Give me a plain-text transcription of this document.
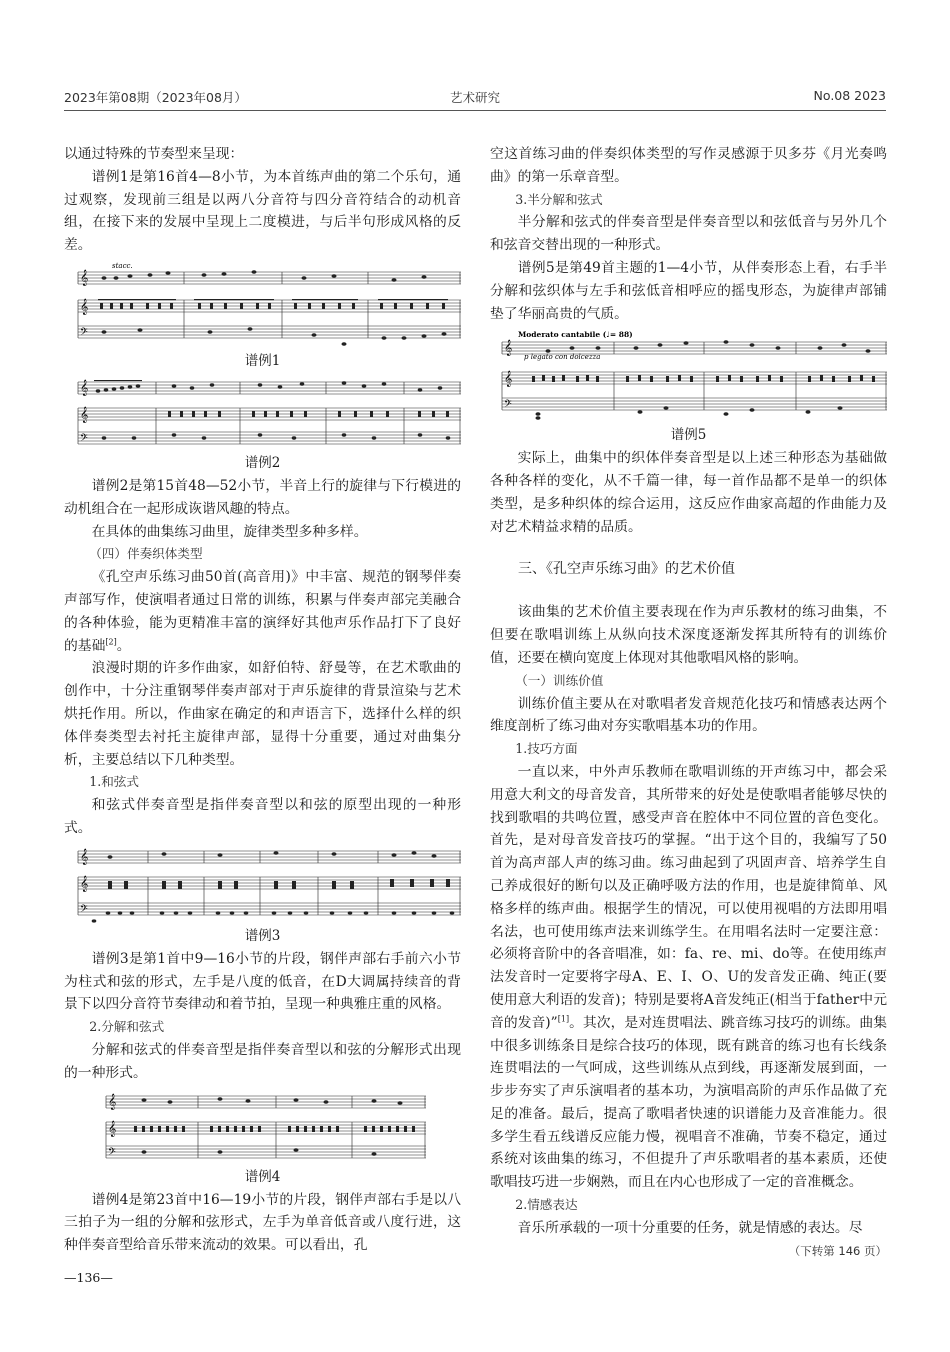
2023年第08期（2023年08月）	艺术研究	No.08 2023

以通过特殊的节奏型来呈现：

谱例1是第16首4—8小节，为本首练声曲的第二个乐句，通过观察，发现前三组是以两八分音符与四分音符结合的动机音组，在接下来的发展中呈现上二度模进，与后半句形成风格的反差。

stacc.
𝄞
𝄞
𝄢
谱例1
𝄞
𝄞
𝄢
谱例2

谱例2是第15首48—52小节，半音上行的旋律与下行模进的动机组合在一起形成诙谐风趣的特点。

在具体的曲集练习曲里，旋律类型多种多样。

（四）伴奏织体类型

《孔空声乐练习曲50首(高音用)》中丰富、规范的钢琴伴奏声部写作，使演唱者通过日常的训练，积累与伴奏声部完美融合的各种体验，能为更精准丰富的演绎好其他声乐作品打下了良好的基础[2]。

浪漫时期的许多作曲家，如舒伯特、舒曼等，在艺术歌曲的创作中，十分注重钢琴伴奏声部对于声乐旋律的背景渲染与艺术烘托作用。所以，作曲家在确定的和声语言下，选择什么样的织体伴奏类型去衬托主旋律声部，显得十分重要，通过对曲集分析，主要总结以下几种类型。

1.和弦式

和弦式伴奏音型是指伴奏音型以和弦的原型出现的一种形式。

𝄞
𝄞
𝄢
谱例3

谱例3是第1首中9—16小节的片段，钢伴声部右手前六小节为柱式和弦的形式，左手是八度的低音，在D大调属持续音的背景下以四分音符节奏律动和着节拍，呈现一种典雅庄重的风格。

2.分解和弦式

分解和弦式的伴奏音型是指伴奏音型以和弦的分解形式出现的一种形式。

𝄞
𝄞
𝄢
谱例4

谱例4是第23首中16—19小节的片段，钢伴声部右手是以八三拍子为一组的分解和弦形式，左手为单音低音或八度行进，这种伴奏音型给音乐带来流动的效果。可以看出，孔

空这首练习曲的伴奏织体类型的写作灵感源于贝多芬《月光奏鸣曲》的第一乐章音型。

3.半分解和弦式

半分解和弦式的伴奏音型是伴奏音型以和弦低音与另外几个和弦音交替出现的一种形式。

谱例5是第49首主题的1—4小节，从伴奏形态上看，右手半分解和弦织体与左手和弦低音相呼应的摇曳形态，为旋律声部铺垫了华丽高贵的气质。

Moderato cantabile (♩= 88)
p legato con dolcezza
𝄞
𝄞
𝄢
谱例5

实际上，曲集中的织体伴奏音型是以上述三种形态为基础做各种各样的变化，从不千篇一律，每一首作品都不是单一的织体类型，是多种织体的综合运用，这反应作曲家高超的作曲能力及对艺术精益求精的品质。

三、《孔空声乐练习曲》的艺术价值

该曲集的艺术价值主要表现在作为声乐教材的练习曲集，不但要在歌唱训练上从纵向技术深度逐渐发挥其所特有的训练价值，还要在横向宽度上体现对其他歌唱风格的影响。

（一）训练价值

训练价值主要从在对歌唱者发音规范化技巧和情感表达两个维度剖析了练习曲对夯实歌唱基本功的作用。

1.技巧方面

一直以来，中外声乐教师在歌唱训练的开声练习中，都会采用意大利文的母音发音，其所带来的好处是使歌唱者能够尽快的找到歌唱的共鸣位置，感受声音在腔体中不同位置的音色变化。首先，是对母音发音技巧的掌握。“出于这个目的，我编写了50首为高声部人声的练习曲。练习曲起到了巩固声音、培养学生自己养成很好的断句以及正确呼吸方法的作用，也是旋律简单、风格多样的练声曲。根据学生的情况，可以使用视唱的方法即用唱名法，也可使用练声法来训练学生。在用唱名法时一定要注意：必须将音阶中的各音唱准，如：fa、re、mi、do等。在使用练声法发音时一定要将字母A、E、I、O、U的发音发正确、纯正(要使用意大利语的发音)；特别是要将A音发纯正(相当于father中元音的发音)”[1]。其次，是对连贯唱法、跳音练习技巧的训练。曲集中很多训练条目是综合技巧的体现，既有跳音的练习也有长线条连贯唱法的一气呵成，这些训练从点到线，再逐渐发展到面，一步步夯实了声乐演唱者的基本功，为演唱高阶的声乐作品做了充足的准备。最后，提高了歌唱者快速的识谱能力及音准能力。很多学生看五线谱反应能力慢，视唱音不准确，节奏不稳定，通过系统对该曲集的练习，不但提升了声乐歌唱者的基本素质，还使歌唱技巧进一步娴熟，而且在内心也形成了一定的音准概念。

2.情感表达

音乐所承载的一项十分重要的任务，就是情感的表达。尽

（下转第 146 页）
—136—
